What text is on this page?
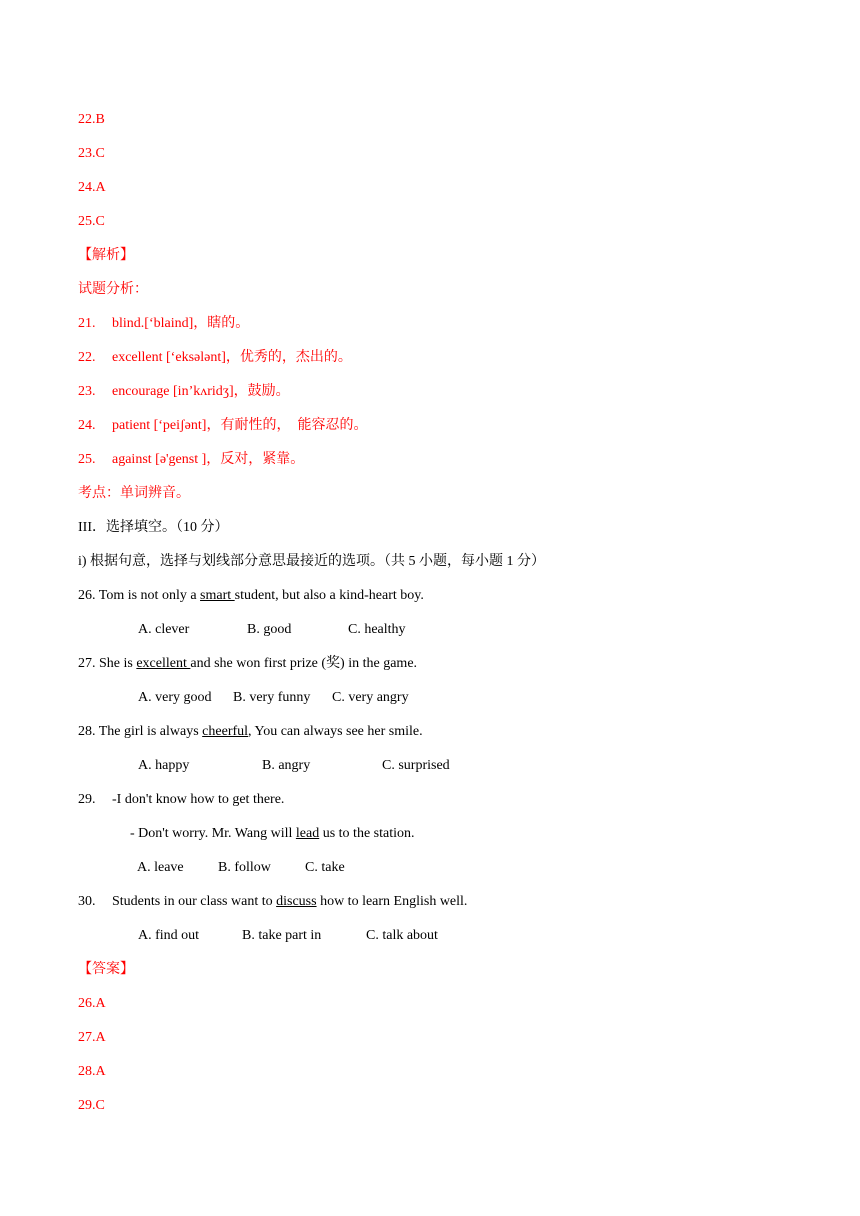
22.B
23.C
24.A
25.C
【解析】
试题分析：
21. blind.[‘blaind]，瞎的。
22. excellent [‘eksələnt]，优秀的，杰出的。
23. encourage [in’kʌridʒ]，鼓励。
24. patient [‘peiʃənt]，有耐性的，　能容忍的。
25. against [ə'genst ]，反对，紧靠。
考点：单词辨音。
III．选择填空。（10 分）
i) 根据句意，选择与划线部分意思最接近的选项。（共 5 小题，每小题 1 分）
26. Tom is not only a smart student, but also a kind-heart boy.
A. clever	B. good	C. healthy
27. She is excellent and she won first prize (奖) in the game.
A. very good B. very funny C. very angry
28. The girl is always cheerful, You can always see her smile.
A. happy	B. angry	C. surprised
29. -I don't know how to get there.
- Don't worry. Mr. Wang will lead us to the station.
A. leave B. follow C. take
30. Students in our class want to discuss how to learn English well.
A. find out	B. take part in	C. talk about
【答案】
26.A
27.A
28.A
29.C
